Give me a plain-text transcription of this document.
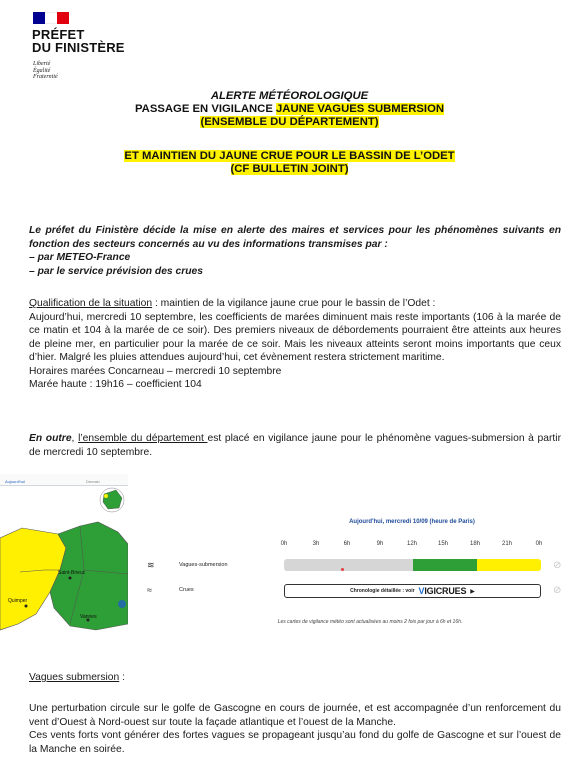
PRÉFET
DU FINISTÈRE
Liberté
Égalité
Fraternité
ALERTE MÉTÉOROLOGIQUE
PASSAGE EN VIGILANCE JAUNE VAGUES SUBMERSION
(ENSEMBLE DU DÉPARTEMENT)
ET MAINTIEN DU JAUNE CRUE POUR LE BASSIN DE L’ODET
(CF BULLETIN JOINT)
Le préfet du Finistère décide la mise en alerte des maires et services pour les phénomènes suivants en fonction des secteurs concernés au vu des informations transmises par :
– par METEO-France
– par le service prévision des crues
Qualification de la situation : maintien de la vigilance jaune crue pour le bassin de l’Odet :
Aujourd’hui, mercredi 10 septembre, les coefficients de marées diminuent mais reste importants (106 à la marée de ce matin et 104 à la marée de ce soir). Des premiers niveaux de débordements pourraient être atteints aux heures de pleine mer, en particulier pour la marée de ce soir. Mais les niveaux atteints seront moins importants que ceux d’hier. Malgré les pluies attendues aujourd’hui, cet évènement restera strictement maritime.
Horaires marées Concarneau – mercredi 10 septembre
Marée haute : 19h16 – coefficient 104
En outre, l’ensemble du département est placé en vigilance jaune pour le phénomène vagues-submersion à partir de mercredi 10 septembre.
Aujourd'hui	Demain
Quimper
Saint-Brieuc
Vannes
Aujourd'hui, mercredi 10/09 (heure de Paris)
0h	3h	6h	9h	12h	15h	18h	21h	0h
≋	Vagues-submersion	⊘
≈	Crues	Chronologie détaillée : voir VIGICRUES ▶	⊘
Les cartes de vigilance météo sont actualisées au moins 2 fois par jour à 6h et 16h.
Vagues submersion :
Une perturbation circule sur le golfe de Gascogne en cours de journée, et est accompagnée d’un renforcement du vent d’Ouest à Nord-ouest sur toute la façade atlantique et l’ouest de la Manche.
Ces vents forts vont générer des fortes vagues se propageant jusqu’au fond du golfe de Gascogne et sur l’ouest de la Manche en soirée.
